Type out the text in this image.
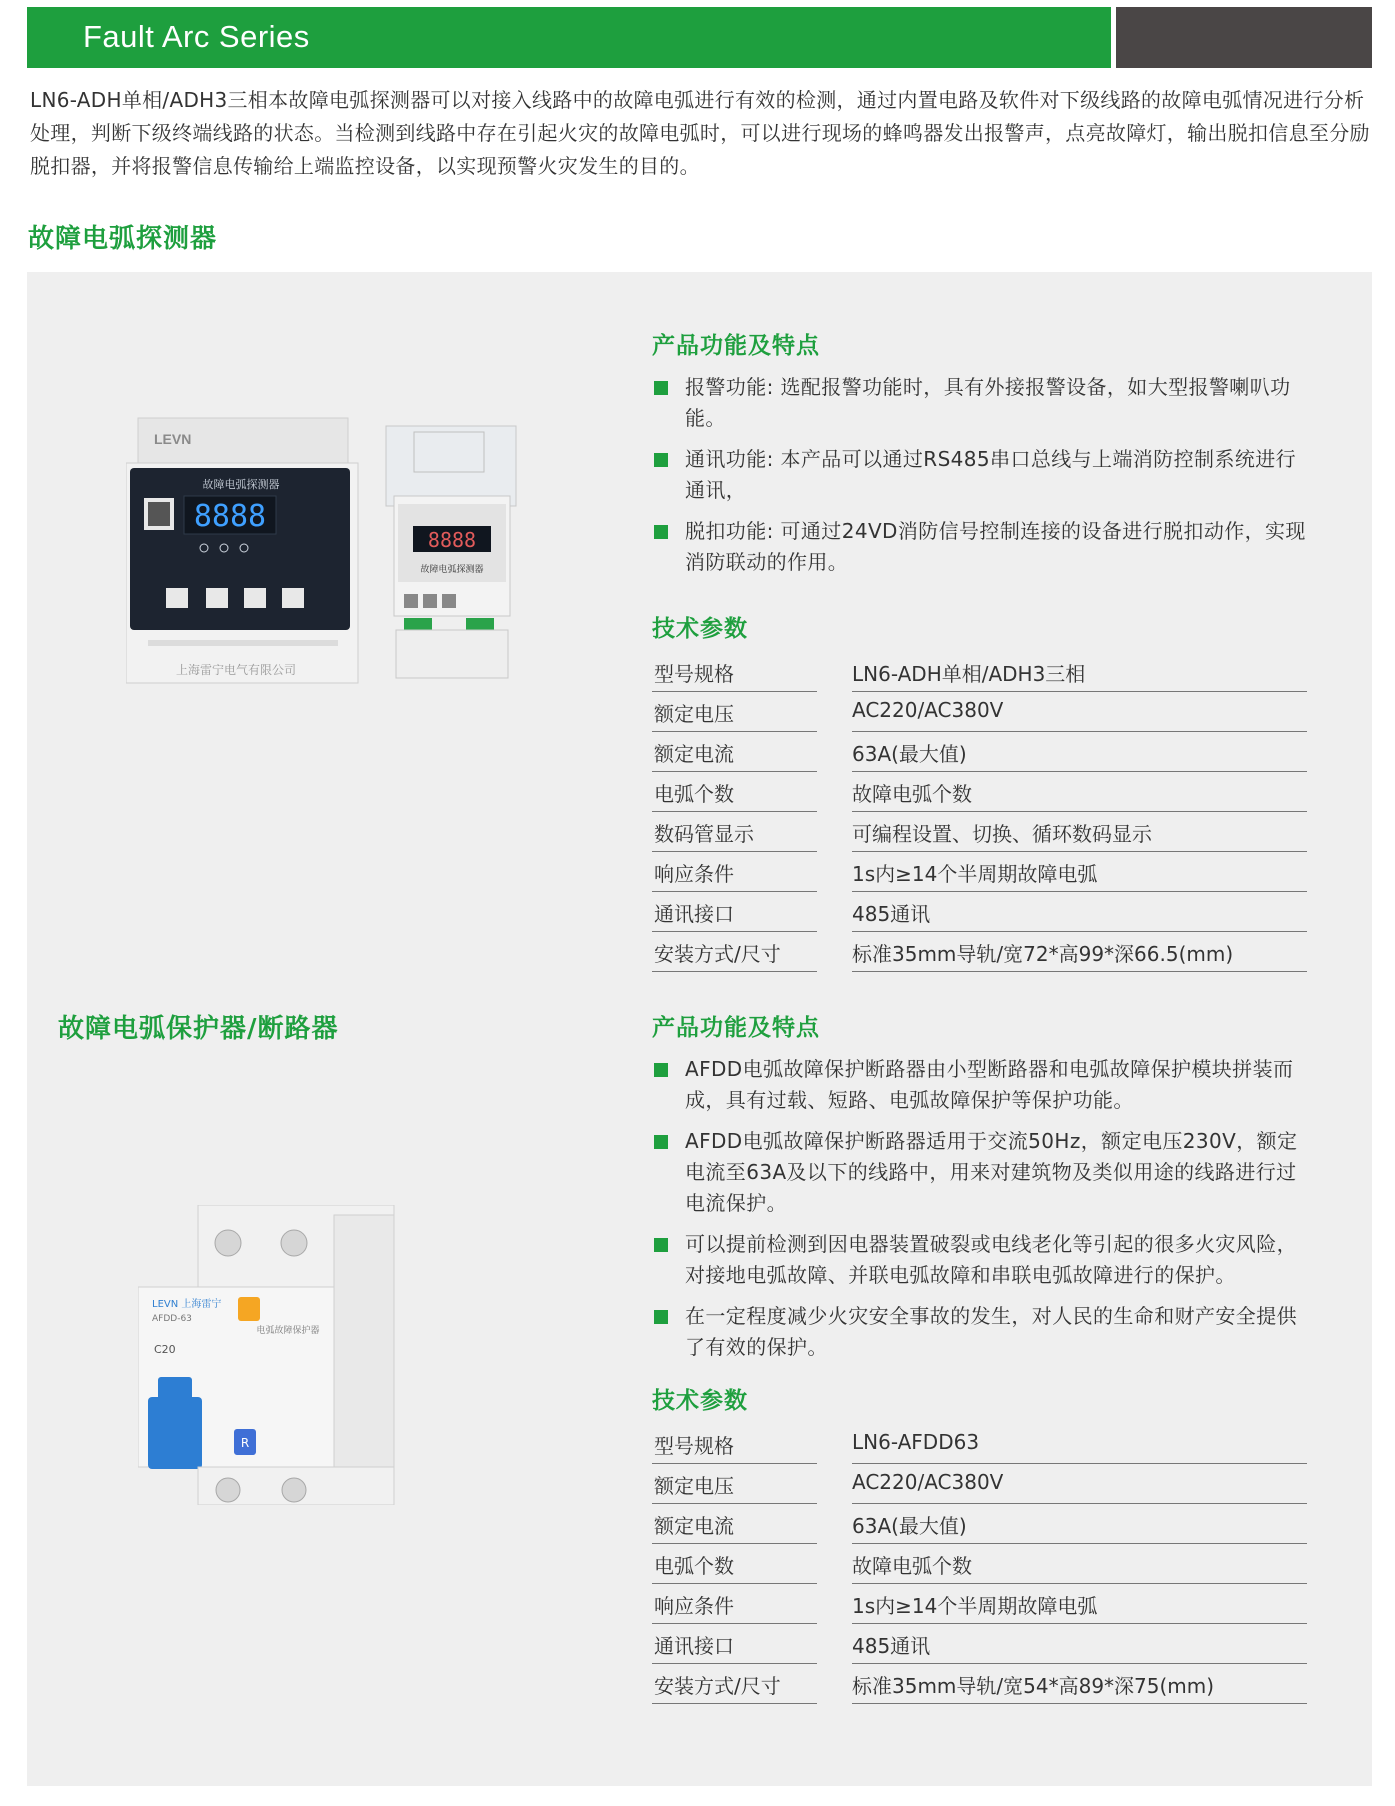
Fault Arc Series
LN6-ADH单相/ADH3三相本故障电弧探测器可以对接入线路中的故障电弧进行有效的检测，通过内置电路及软件对下级线路的故障电弧情况进行分析处理，判断下级终端线路的状态。当检测到线路中存在引起火灾的故障电弧时，可以进行现场的蜂鸣器发出报警声，点亮故障灯，输出脱扣信息至分励脱扣器，并将报警信息传输给上端监控设备，以实现预警火灾发生的目的。
故障电弧探测器
LEVN
故障电弧探测器
8888
上海雷宁电气有限公司
8888
故障电弧探测器
产品功能及特点
报警功能: 选配报警功能时，具有外接报警设备，如大型报警喇叭功能。
通讯功能: 本产品可以通过RS485串口总线与上端消防控制系统进行通讯，
脱扣功能: 可通过24VD消防信号控制连接的设备进行脱扣动作，实现消防联动的作用。
技术参数
型号规格	LN6-ADH单相/ADH3三相
额定电压	AC220/AC380V
额定电流	63A(最大值)
电弧个数	故障电弧个数
数码管显示	可编程设置、切换、循环数码显示
响应条件	1s内≥14个半周期故障电弧
通讯接口	485通讯
安装方式/尺寸	标准35mm导轨/宽72*高99*深66.5(mm)
故障电弧保护器/断路器
LEVN 上海雷宁
AFDD-63
电弧故障保护器
C20
R
产品功能及特点
AFDD电弧故障保护断路器由小型断路器和电弧故障保护模块拼装而成，具有过载、短路、电弧故障保护等保护功能。
AFDD电弧故障保护断路器适用于交流50Hz，额定电压230V，额定电流至63A及以下的线路中，用来对建筑物及类似用途的线路进行过电流保护。
可以提前检测到因电器装置破裂或电线老化等引起的很多火灾风险，对接地电弧故障、并联电弧故障和串联电弧故障进行的保护。
在一定程度减少火灾安全事故的发生，对人民的生命和财产安全提供了有效的保护。
技术参数
型号规格	LN6-AFDD63
额定电压	AC220/AC380V
额定电流	63A(最大值)
电弧个数	故障电弧个数
响应条件	1s内≥14个半周期故障电弧
通讯接口	485通讯
安装方式/尺寸	标准35mm导轨/宽54*高89*深75(mm)
